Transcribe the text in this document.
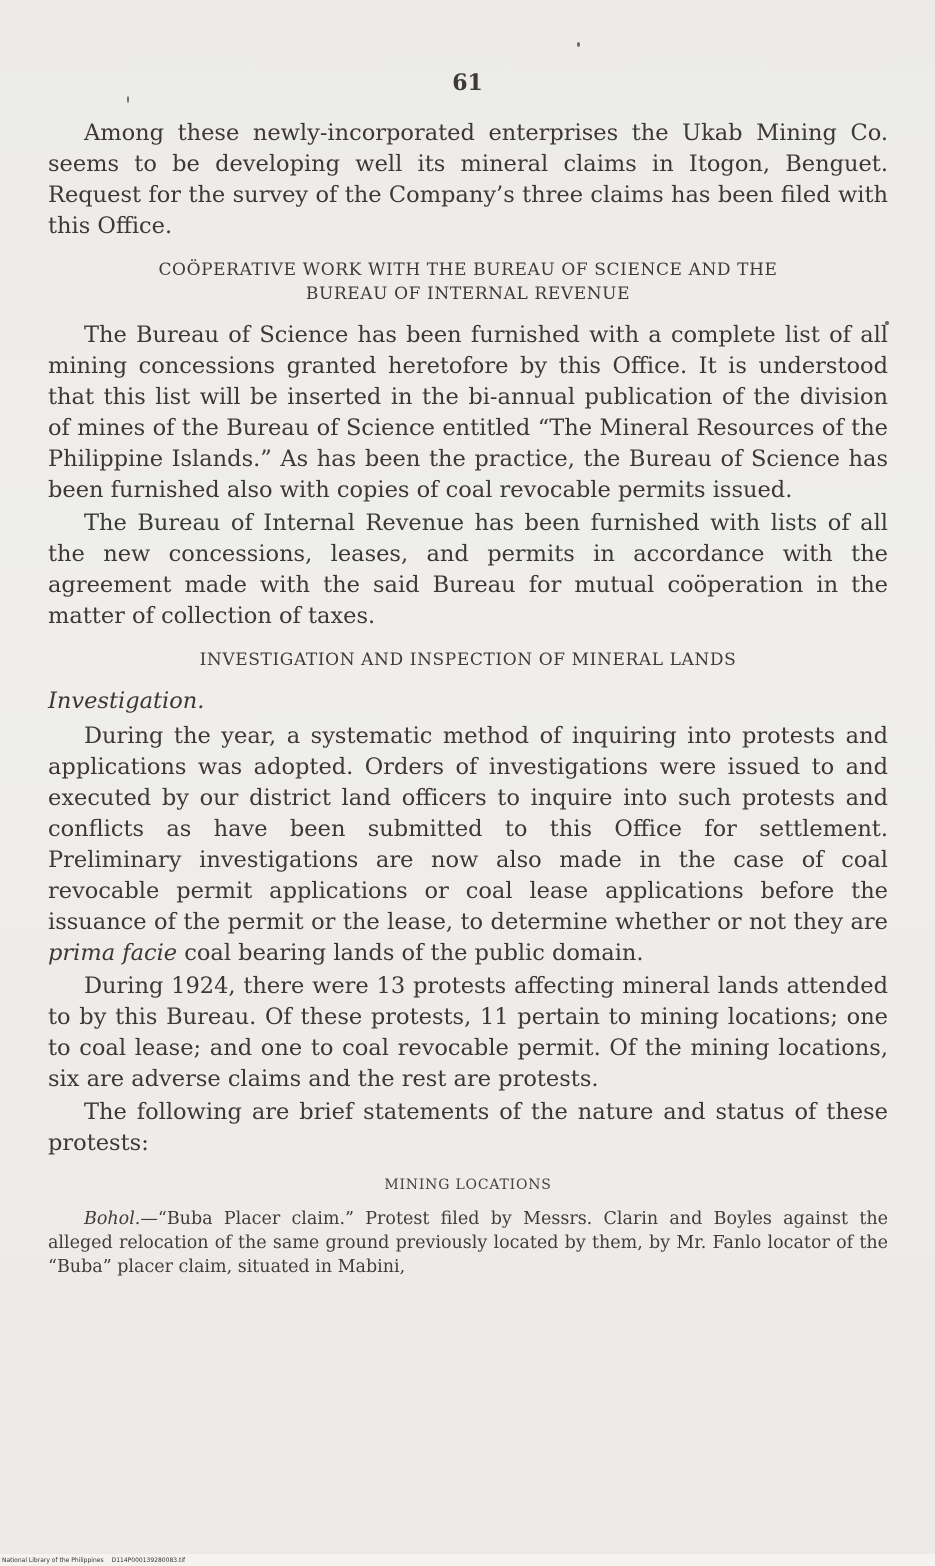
61

Among these newly-incorporated enterprises the Ukab Mining Co. seems to be developing well its mineral claims in Itogon, Benguet. Request for the survey of the Company’s three claims has been filed with this Office.

COÖPERATIVE WORK WITH THE BUREAU OF SCIENCE AND THE
BUREAU OF INTERNAL REVENUE

The Bureau of Science has been furnished with a complete list of all mining concessions granted heretofore by this Office. It is understood that this list will be inserted in the bi-annual publication of the division of mines of the Bureau of Science entitled “The Mineral Resources of the Philippine Islands.” As has been the practice, the Bureau of Science has been furnished also with copies of coal revocable permits issued.

The Bureau of Internal Revenue has been furnished with lists of all the new concessions, leases, and permits in accordance with the agreement made with the said Bureau for mutual coöperation in the matter of collection of taxes.

INVESTIGATION AND INSPECTION OF MINERAL LANDS
Investigation.

During the year, a systematic method of inquiring into protests and applications was adopted. Orders of investigations were issued to and executed by our district land officers to inquire into such protests and conflicts as have been submitted to this Office for settlement. Preliminary investigations are now also made in the case of coal revocable permit applications or coal lease applications before the issuance of the permit or the lease, to determine whether or not they are prima facie coal bearing lands of the public domain.

During 1924, there were 13 protests affecting mineral lands attended to by this Bureau. Of these protests, 11 pertain to mining locations; one to coal lease; and one to coal revocable permit. Of the mining locations, six are adverse claims and the rest are protests.

The following are brief statements of the nature and status of these protests:

MINING LOCATIONS

Bohol.—“Buba Placer claim.” Protest filed by Messrs. Clarin and Boyles against the alleged relocation of the same ground previously located by them, by Mr. Fanlo locator of the “Buba” placer claim, situated in Mabini,

National Library of the Philippines D114P000139280083.tif
